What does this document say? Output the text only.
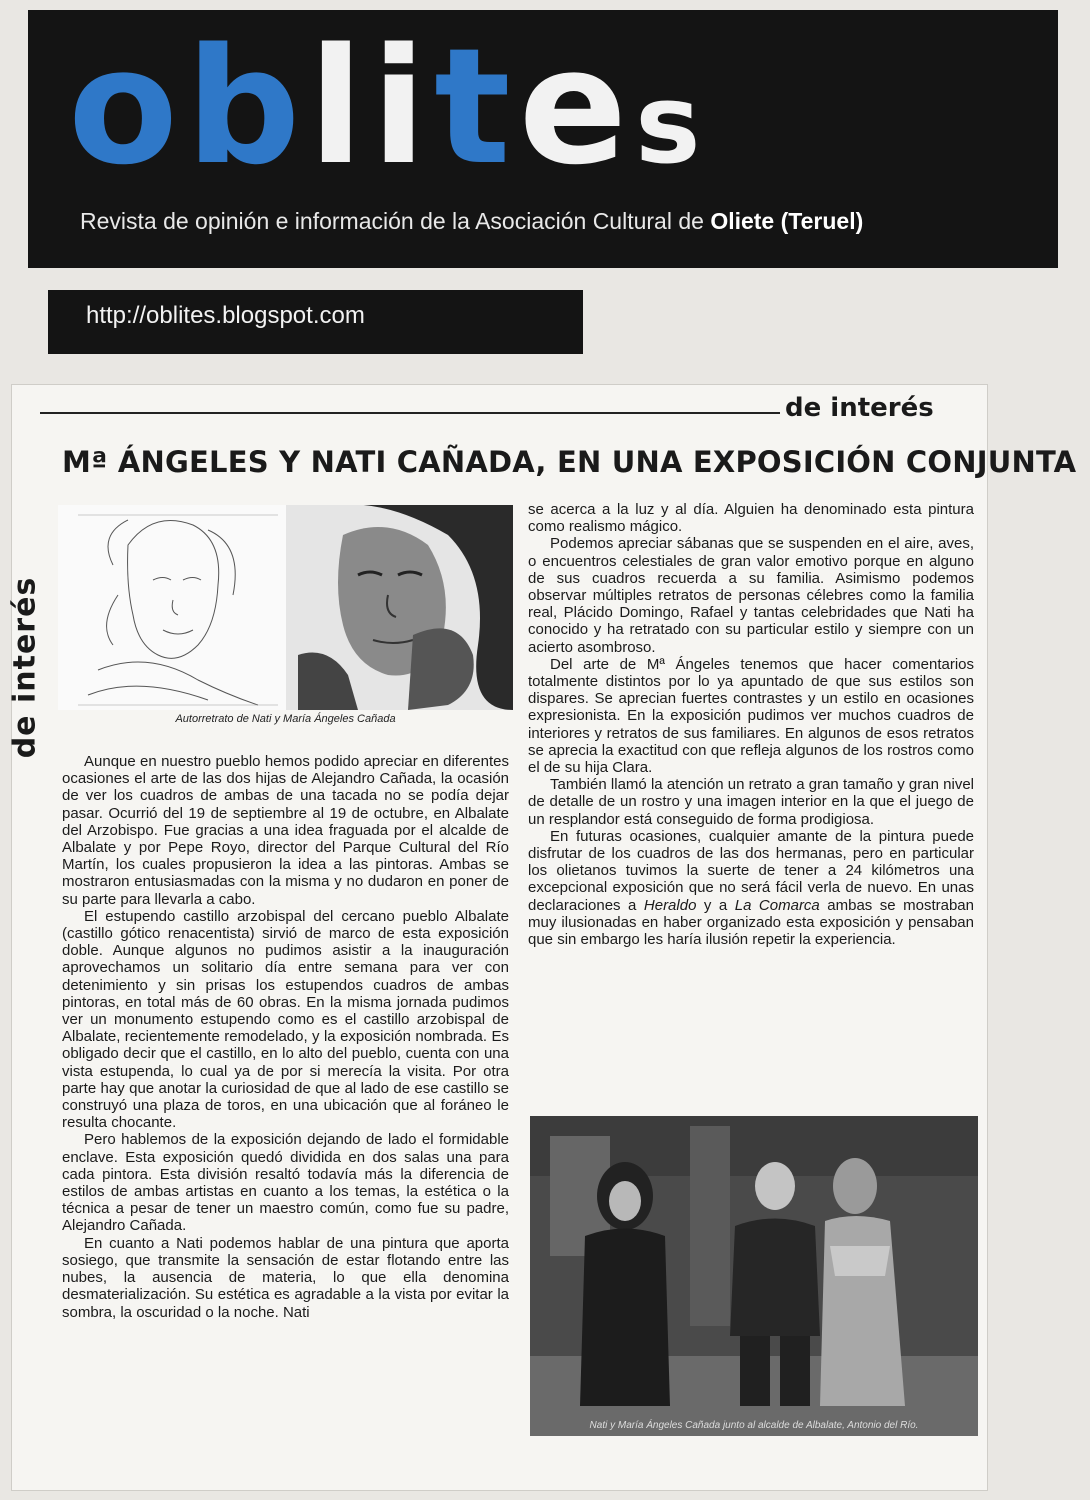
oblites
Revista de opinión e información de la Asociación Cultural de Oliete (Teruel)
http://oblites.blogspot.com
de interés
de interés
Mª ÁNGELES Y NATI CAÑADA, EN UNA EXPOSICIÓN CONJUNTA
Autorretrato de Nati y María Ángeles Cañada

Aunque en nuestro pueblo hemos podido apreciar en diferentes ocasiones el arte de las dos hijas de Alejandro Cañada, la ocasión de ver los cuadros de ambas de una tacada no se podía dejar pasar. Ocurrió del 19 de septiembre al 19 de octubre, en Albalate del Arzobispo. Fue gracias a una idea fraguada por el alcalde de Albalate y por Pepe Royo, director del Parque Cultural del Río Martín, los cuales propusieron la idea a las pintoras. Ambas se mostraron entusiasmadas con la misma y no dudaron en poner de su parte para llevarla a cabo.

El estupendo castillo arzobispal del cercano pueblo Albalate (castillo gótico renacentista) sirvió de marco de esta exposición doble. Aunque algunos no pudimos asistir a la inauguración aprovechamos un solitario día entre semana para ver con detenimiento y sin prisas los estupendos cuadros de ambas pintoras, en total más de 60 obras. En la misma jornada pudimos ver un monumento estupendo como es el castillo arzobispal de Albalate, recientemente remodelado, y la exposición nombrada. Es obligado decir que el castillo, en lo alto del pueblo, cuenta con una vista estupenda, lo cual ya de por si merecía la visita. Por otra parte hay que anotar la curiosidad de que al lado de ese castillo se construyó una plaza de toros, en una ubicación que al foráneo le resulta chocante.

Pero hablemos de la exposición dejando de lado el formidable enclave. Esta exposición quedó dividida en dos salas una para cada pintora. Esta división resaltó todavía más la diferencia de estilos de ambas artistas en cuanto a los temas, la estética o la técnica a pesar de tener un maestro común, como fue su padre, Alejandro Cañada.

En cuanto a Nati podemos hablar de una pintura que aporta sosiego, que transmite la sensación de estar flotando entre las nubes, la ausencia de materia, lo que ella denomina desmaterialización. Su estética es agradable a la vista por evitar la sombra, la oscuridad o la noche. Nati

se acerca a la luz y al día. Alguien ha denominado esta pintura como realismo mágico.

Podemos apreciar sábanas que se suspenden en el aire, aves, o encuentros celestiales de gran valor emotivo porque en alguno de sus cuadros recuerda a su familia. Asimismo podemos observar múltiples retratos de personas célebres como la familia real, Plácido Domingo, Rafael y tantas celebridades que Nati ha conocido y ha retratado con su particular estilo y siempre con un acierto asombroso.

Del arte de Mª Ángeles tenemos que hacer comentarios totalmente distintos por lo ya apuntado de que sus estilos son dispares. Se aprecian fuertes contrastes y un estilo en ocasiones expresionista. En la exposición pudimos ver muchos cuadros de interiores y retratos de sus familiares. En algunos de esos retratos se aprecia la exactitud con que refleja algunos de los rostros como el de su hija Clara.

También llamó la atención un retrato a gran tamaño y gran nivel de detalle de un rostro y una imagen interior en la que el juego de un resplandor está conseguido de forma prodigiosa.

En futuras ocasiones, cualquier amante de la pintura puede disfrutar de los cuadros de las dos hermanas, pero en particular los olietanos tuvimos la suerte de tener a 24 kilómetros una excepcional exposición que no será fácil verla de nuevo. En unas declaraciones a Heraldo y a La Comarca ambas se mostraban muy ilusionadas en haber organizado esta exposición y pensaban que sin embargo les haría ilusión repetir la experiencia.

Nati y María Ángeles Cañada junto al alcalde de Albalate, Antonio del Río.
